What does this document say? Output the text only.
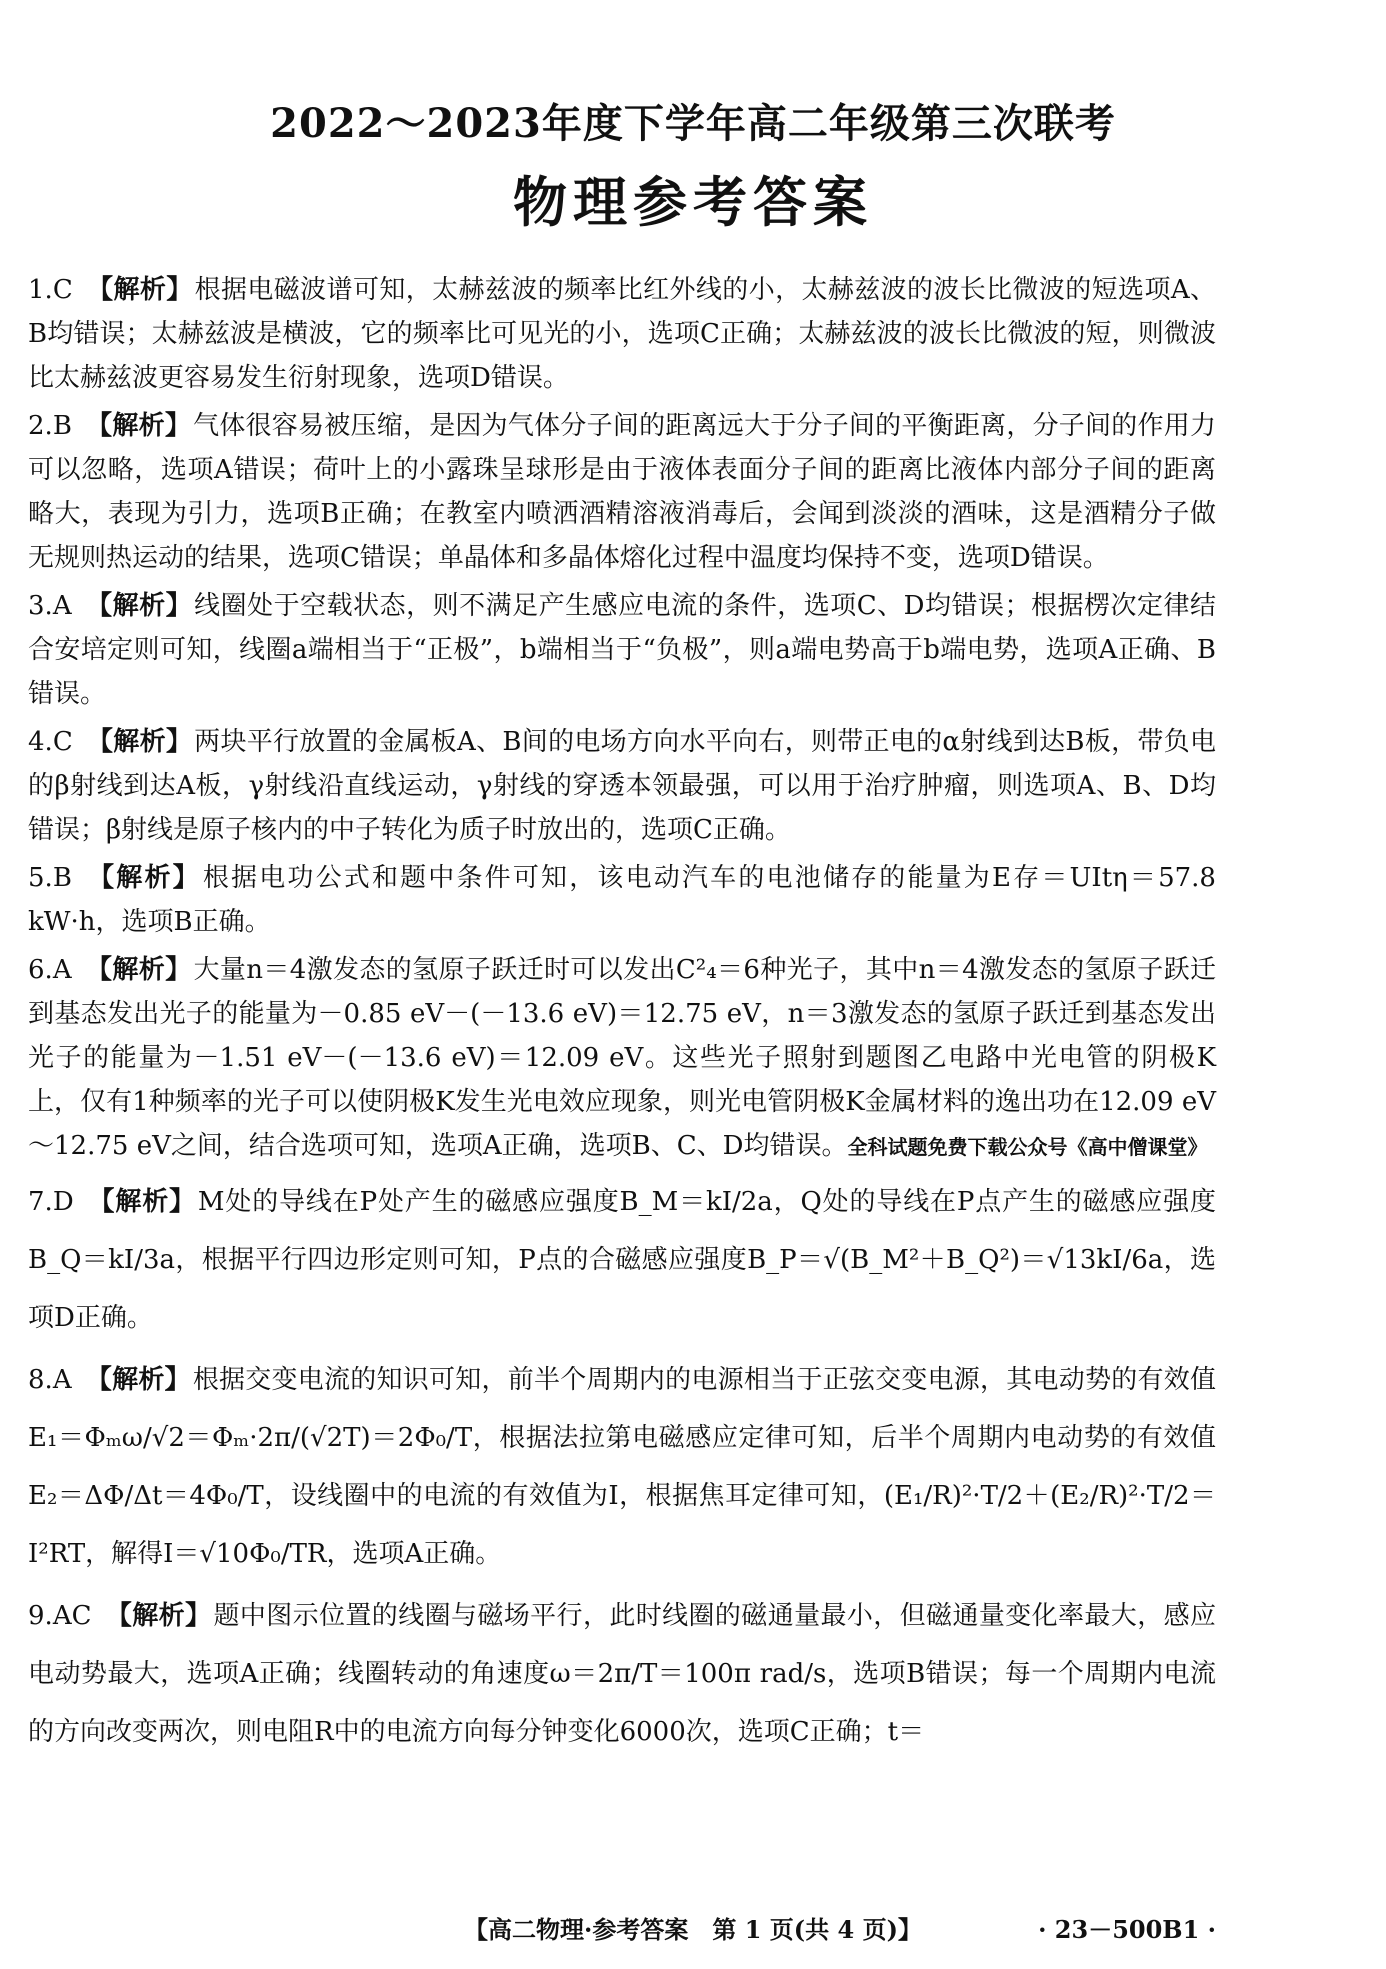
2022～2023年度下学年高二年级第三次联考
物理参考答案

1.C 【解析】根据电磁波谱可知，太赫兹波的频率比红外线的小，太赫兹波的波长比微波的短选项A、B均错误；太赫兹波是横波，它的频率比可见光的小，选项C正确；太赫兹波的波长比微波的短，则微波比太赫兹波更容易发生衍射现象，选项D错误。

2.B 【解析】气体很容易被压缩，是因为气体分子间的距离远大于分子间的平衡距离，分子间的作用力可以忽略，选项A错误；荷叶上的小露珠呈球形是由于液体表面分子间的距离比液体内部分子间的距离略大，表现为引力，选项B正确；在教室内喷洒酒精溶液消毒后，会闻到淡淡的酒味，这是酒精分子做无规则热运动的结果，选项C错误；单晶体和多晶体熔化过程中温度均保持不变，选项D错误。

3.A 【解析】线圈处于空载状态，则不满足产生感应电流的条件，选项C、D均错误；根据楞次定律结合安培定则可知，线圈a端相当于“正极”，b端相当于“负极”，则a端电势高于b端电势，选项A正确、B错误。

4.C 【解析】两块平行放置的金属板A、B间的电场方向水平向右，则带正电的α射线到达B板，带负电的β射线到达A板，γ射线沿直线运动，γ射线的穿透本领最强，可以用于治疗肿瘤，则选项A、B、D均错误；β射线是原子核内的中子转化为质子时放出的，选项C正确。

5.B 【解析】根据电功公式和题中条件可知，该电动汽车的电池储存的能量为E存＝UItη＝57.8 kW·h，选项B正确。

6.A 【解析】大量n＝4激发态的氢原子跃迁时可以发出C²₄＝6种光子，其中n＝4激发态的氢原子跃迁到基态发出光子的能量为－0.85 eV－(－13.6 eV)＝12.75 eV，n＝3激发态的氢原子跃迁到基态发出光子的能量为－1.51 eV－(－13.6 eV)＝12.09 eV。这些光子照射到题图乙电路中光电管的阴极K上，仅有1种频率的光子可以使阴极K发生光电效应现象，则光电管阴极K金属材料的逸出功在12.09 eV～12.75 eV之间，结合选项可知，选项A正确，选项B、C、D均错误。全科试题免费下载公众号《高中僧课堂》

7.D 【解析】M处的导线在P处产生的磁感应强度B_M＝kI/2a，Q处的导线在P点产生的磁感应强度B_Q＝kI/3a，根据平行四边形定则可知，P点的合磁感应强度B_P＝√(B_M²＋B_Q²)＝√13kI/6a，选项D正确。

8.A 【解析】根据交变电流的知识可知，前半个周期内的电源相当于正弦交变电源，其电动势的有效值E₁＝Φₘω/√2＝Φₘ·2π/(√2T)＝2Φ₀/T，根据法拉第电磁感应定律可知，后半个周期内电动势的有效值E₂＝ΔΦ/Δt＝4Φ₀/T，设线圈中的电流的有效值为I，根据焦耳定律可知，(E₁/R)²·T/2＋(E₂/R)²·T/2＝I²RT，解得I＝√10Φ₀/TR，选项A正确。

9.AC 【解析】题中图示位置的线圈与磁场平行，此时线圈的磁通量最小，但磁通量变化率最大，感应电动势最大，选项A正确；线圈转动的角速度ω＝2π/T＝100π rad/s，选项B错误；每一个周期内电流的方向改变两次，则电阻R中的电流方向每分钟变化6000次，选项C正确；t＝

【高二物理·参考答案　第 1 页(共 4 页)】	· 23－500B1 ·
